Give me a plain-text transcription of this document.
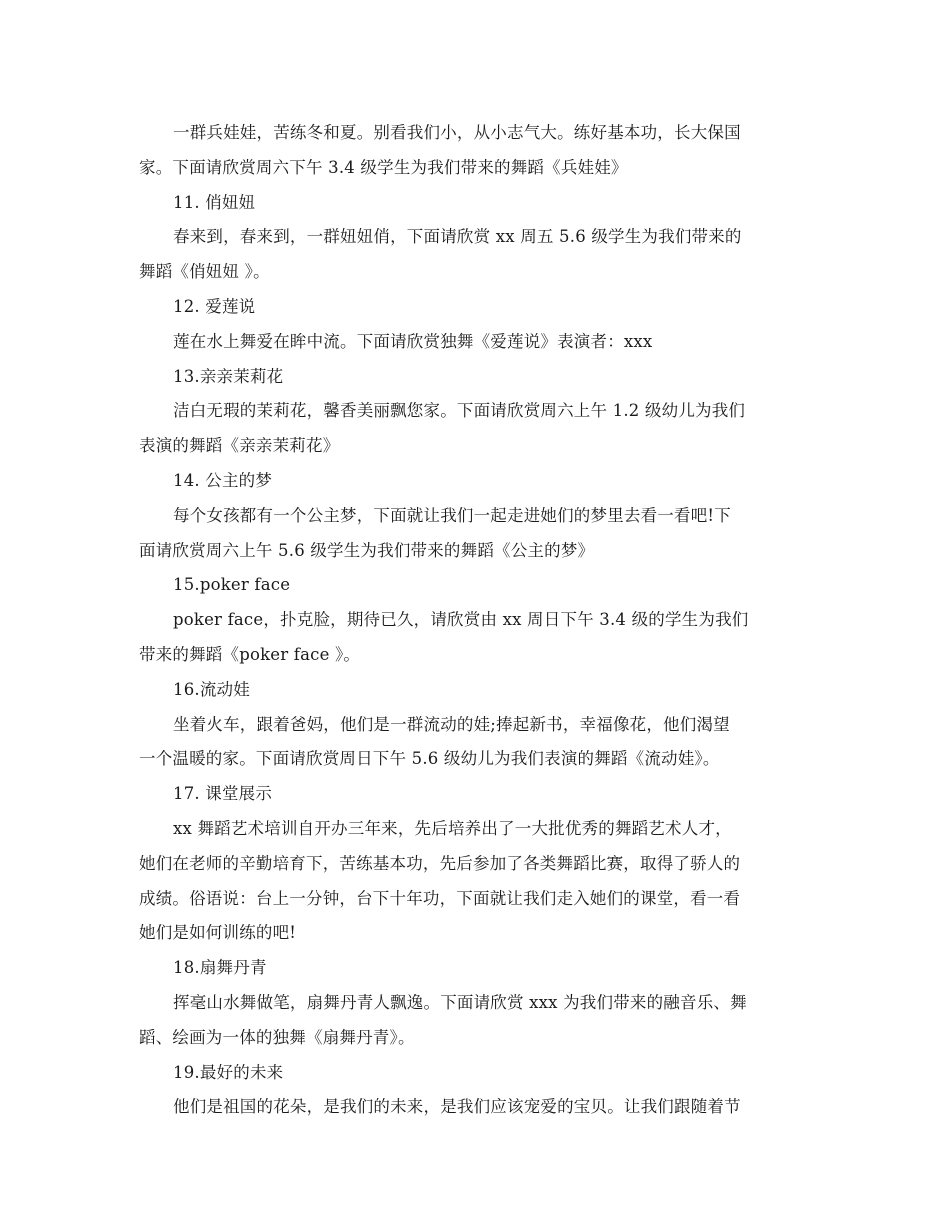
一群兵娃娃，苦练冬和夏。别看我们小，从小志气大。练好基本功，长大保国
家。下面请欣赏周六下午 3.4 级学生为我们带来的舞蹈《兵娃娃》
11. 俏妞妞
春来到，春来到，一群妞妞俏，下面请欣赏 xx 周五 5.6 级学生为我们带来的
舞蹈《俏妞妞 》。
12. 爱莲说
莲在水上舞爱在眸中流。下面请欣赏独舞《爱莲说》表演者：xxx
13.亲亲茉莉花
洁白无瑕的茉莉花，馨香美丽飘您家。下面请欣赏周六上午 1.2 级幼儿为我们
表演的舞蹈《亲亲茉莉花》
14. 公主的梦
每个女孩都有一个公主梦，下面就让我们一起走进她们的梦里去看一看吧!下
面请欣赏周六上午 5.6 级学生为我们带来的舞蹈《公主的梦》
15.poker face
poker face，扑克脸，期待已久，请欣赏由 xx 周日下午 3.4 级的学生为我们
带来的舞蹈《poker face 》。
16.流动娃
坐着火车，跟着爸妈，他们是一群流动的娃;捧起新书，幸福像花，他们渴望
一个温暖的家。下面请欣赏周日下午 5.6 级幼儿为我们表演的舞蹈《流动娃》。
17. 课堂展示
xx 舞蹈艺术培训自开办三年来，先后培养出了一大批优秀的舞蹈艺术人才，
她们在老师的辛勤培育下，苦练基本功，先后参加了各类舞蹈比赛，取得了骄人的
成绩。俗语说：台上一分钟，台下十年功，下面就让我们走入她们的课堂，看一看
她们是如何训练的吧!
18.扇舞丹青
挥毫山水舞做笔，扇舞丹青人飘逸。下面请欣赏 xxx 为我们带来的融音乐、舞
蹈、绘画为一体的独舞《扇舞丹青》。
19.最好的未来
他们是祖国的花朵，是我们的未来，是我们应该宠爱的宝贝。让我们跟随着节
